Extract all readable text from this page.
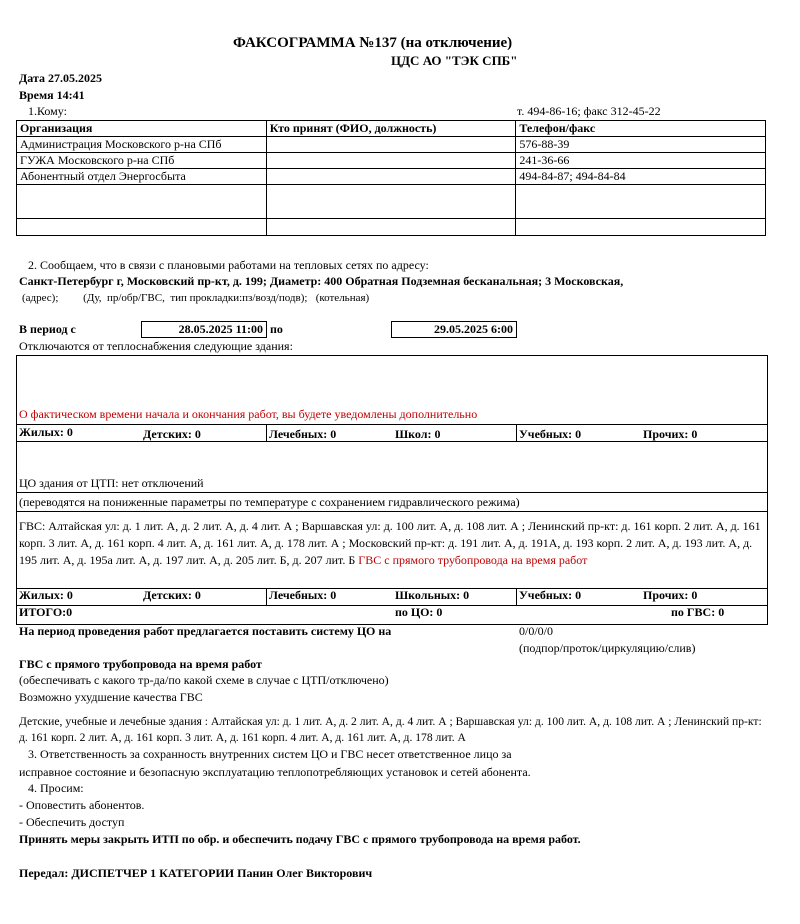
ФАКСОГРАММА №137 (на отключение)
ЦДС АО "ТЭК СПБ"
Дата 27.05.2025
Время 14:41
1.Кому:	т. 494-86-16; факс 312-45-22
Организация	Кто принят (ФИО, должность)	Телефон/факс
Администрация Московского р-на СПб		576-88-39
ГУЖА Московского р-на СПб		241-36-66
Абонентный отдел Энергосбыта		494-84-87; 494-84-84

2. Сообщаем, что в связи с плановыми работами на тепловых сетях по адресу:
Санкт-Петербург г, Московский пр-кт, д. 199; Диаметр: 400 Обратная Подземная бесканальная; 3 Московская,
(адрес);         (Ду,  пр/обр/ГВС,  тип прокладки:пз/возд/подв);   (котельная)
В период с	28.05.2025 11:00 по	29.05.2025 6:00
Отключаются от теплоснабжения следующие здания:
О фактическом времени начала и окончания работ, вы будете уведомлены дополнительно
Жилых: 0	Детских: 0	Лечебных: 0	Школ: 0	Учебных: 0	Прочих: 0
ЦО здания от ЦТП: нет отключений
(переводятся на пониженные параметры по температуре с сохранением гидравлического режима)
ГВС: Алтайская ул: д. 1 лит. А, д. 2 лит. А, д. 4 лит. А ; Варшавская ул: д. 100 лит. А, д. 108 лит. А ; Ленинский пр-кт: д. 161 корп. 2 лит. А, д. 161 корп. 3 лит. А, д. 161 корп. 4 лит. А, д. 161 лит. А, д. 178 лит. А ; Московский пр-кт: д. 191 лит. А, д. 191А, д. 193 корп. 2 лит. А, д. 193 лит. А, д. 195 лит. А, д. 195а лит. А, д. 197 лит. А, д. 205 лит. Б, д. 207 лит. Б ГВС с прямого трубопровода на время работ
Жилых: 0	Детских: 0	Лечебных: 0	Школьных: 0	Учебных: 0	Прочих: 0
ИТОГО:0	по ЦО: 0	по ГВС: 0
На период проведения работ предлагается поставить систему ЦО на	0/0/0/0
(подпор/проток/циркуляцию/слив)
ГВС с прямого трубопровода на время работ
(обеспечивать с какого тр-да/по какой схеме в случае с ЦТП/отключено)
Возможно ухудшение качества ГВС
Детские, учебные и лечебные здания : Алтайская ул: д. 1 лит. А, д. 2 лит. А, д. 4 лит. А ; Варшавская ул: д. 100 лит. А, д. 108 лит. А ; Ленинский пр-кт: д. 161 корп. 2 лит. А, д. 161 корп. 3 лит. А, д. 161 корп. 4 лит. А, д. 161 лит. А, д. 178 лит. А
3. Ответственность за сохранность внутренних систем ЦО и ГВС несет ответственное лицо за
исправное состояние и безопасную эксплуатацию теплопотребляющих установок и сетей абонента.
4. Просим:
- Оповестить абонентов.
- Обеспечить доступ
Принять меры закрыть ИТП по обр. и обеспечить подачу ГВС с прямого трубопровода на время работ.
Передал: ДИСПЕТЧЕР 1 КАТЕГОРИИ Панин Олег Викторович
